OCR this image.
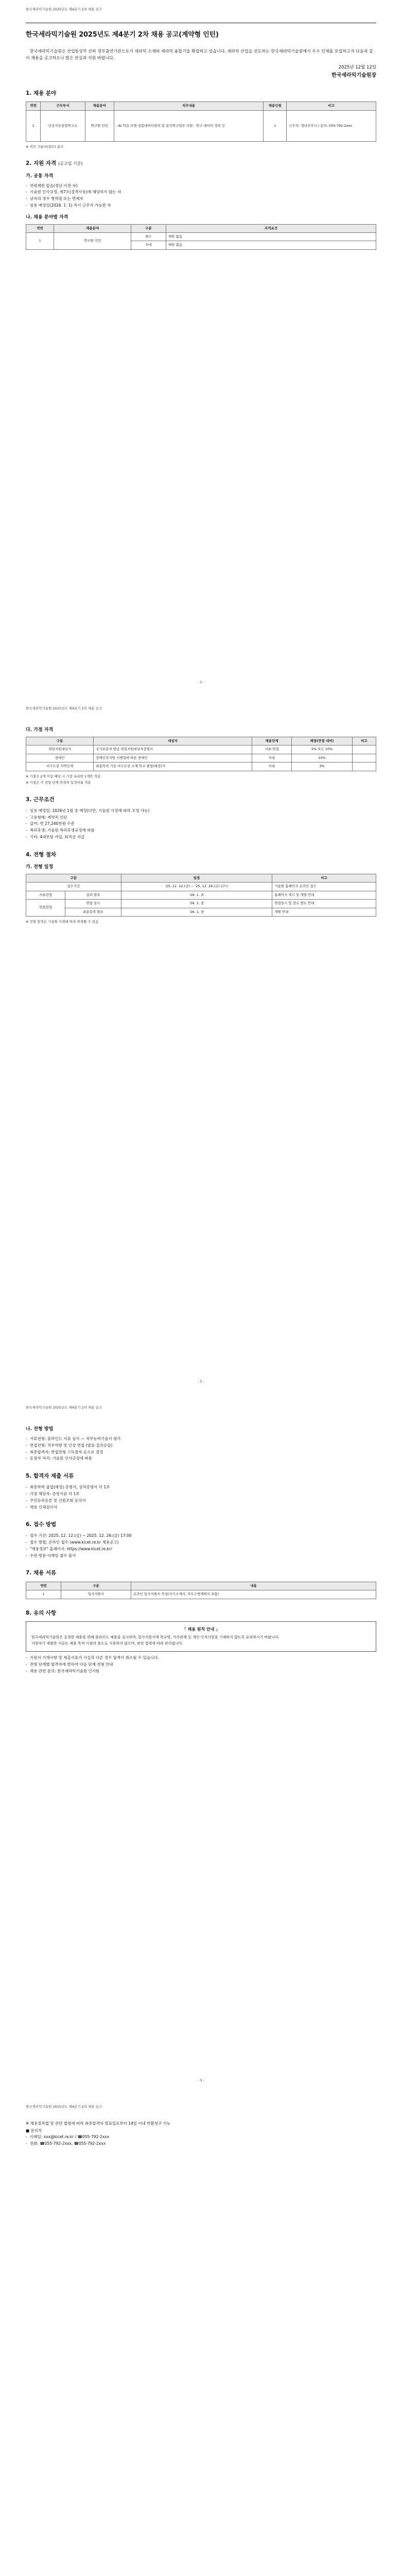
한국세라믹기술원 2025년도 제4분기 2차 채용 공고
한국세라믹기술원 2025년도 제4분기 2차 채용 공고(계약형 인턴)

한국세라믹기술원은 산업통상부 산하 정부출연기관으로서 세라믹 소재와 세라믹 융합기술 확립하고 있습니다. 세라믹 산업을 선도하는 한국세라믹기술원에서 우수 인재를 모집하고자 다음과 같이 채용을 공고하오니 많은 관심과 지원 바랍니다.

2025년 12월 12일
한국세라믹기술원장
1. 채용 분야
연번	근무부서	채용분야	직무내용	채용인원	비고
1	인공지능융합연구소	연구원 인턴	- AI 학습 모델 실험데이터관리 및 분석연구업무 지원 - 연구 데이터 정리 등	1	근무지: 경남진주시 / 문의: 055-792-2xxx

※ 직무 기술서(첨부) 참조

2. 지원 자격 (공고일 기준)
가. 공통 자격
- 연령제한 없음(정년 이전 자)
- 기술원 인사규정, 제7조(결격사유)에 해당하지 않는 자
- 남자의 경우 병역필 또는 면제자
- 임용 예정일(2026. 1. 1) 즉시 근무가 가능한 자
나. 채용 분야별 자격
연번	채용분야	구분	자격요건
1	연구원 인턴	필수	해당 없음
		우대	해당 없음
- 1 -
한국세라믹기술원 2025년도 제4분기 2차 채용 공고
다. 가점 자격
구분	대상자	채용단계	배점(만점 대비)	비고
취업지원대상자	국가보훈처 발급 취업지원대상자증명서	서류·면접	5% 또는 10%	
장애인	장애인복지법 시행령에 따른 장애인	서류	10%	
비수도권 지역인재	최종학력 기준 비수도권 소재 학교 졸업(예정)자	서류	3%	

※ 가점은 2개 이상 해당 시 가장 유리한 1개만 적용

※ 가점은 각 전형 단계 만점의 일정비율 적용

3. 근무조건
- 임용 예정일: 2026년 1월 중 예정(다만, 기술원 사정에 따라 조정 가능)
- 고용형태: 계약직 인턴
- 급여: 연 27,240천원 수준
- 복리후생: 기술원 복리후생규정에 따름
- 기타: 4대보험 가입, 퇴직금 지급
4. 전형 절차
가. 전형 일정
구분		일정	비고
접수기간		'25. 12. 12.(금) ~ '25. 12. 26.(금) 17시	기술원 홈페이지 온라인 접수
서류전형	결과 발표	'26. 1. 초	홈페이지 게시 및 개별 안내
면접전형	면접 실시	'26. 1. 중	면접일시 및 장소 별도 안내
	최종합격 발표	'26. 1. 중	개별 안내

※ 전형 일정은 기술원 사정에 따라 변경될 수 있음

- 2 -
한국세라믹기술원 2025년도 제4분기 2차 채용 공고
나. 전형 방법
- 서류전형: 블라인드 서류 심사 — 직무능력기술서 평가
- 면접전형: 직무역량 및 인성 면접 (발표·질의응답)
- 최종합격자: 면접전형 고득점자 순으로 결정
- 동점자 처리: 기술원 인사규정에 따름
5. 합격자 제출 서류
- 최종학력 졸업(예정) 증명서, 성적증명서 각 1부
- 가점 해당자: 증빙서류 각 1부
- 주민등록등본 및 신원조회 동의서
- 채용 신체검사서
6. 접수 방법
- 접수 기간: 2025. 12. 12.(금) ~ 2025. 12. 26.(금) 17:00
- 접수 방법: 온라인 접수 (www.kicet.re.kr 채용공고)
- "채용정보" 홈페이지: https://www.kicet.re.kr/
- 우편·방문·이메일 접수 불가
7. 채용 서류
연번	구분	내용
1	입사지원서	온라인 입사지원서 작성(자기소개서, 직무수행계획서 포함)
8. 유의 사항
「 채용 원칙 안내 」

한국세라믹기술원은 공정한 채용을 위해 블라인드 채용을 실시하며, 입사지원서에 학교명, 가족관계 등 개인 인적사항을 기재하지 않도록 유의하시기 바랍니다.

지원자가 제출한 서류는 채용 목적 이외의 용도로 사용하지 않으며, 관련 법령에 따라 관리됩니다.

- 지원서 기재사항 및 제출서류가 사실과 다른 경우 합격이 취소될 수 있습니다.
- 전형 단계별 합격자에 한하여 다음 단계 전형 안내
- 채용 관련 문의: 한국세라믹기술원 인사팀
- 3 -
한국세라믹기술원 2025년도 제4분기 2차 채용 공고

※ 채용절차법 및 관련 법령에 따라 최종합격자 발표일로부터 14일 이내 반환청구 가능

■ 문의처

- 이메일: xxx@kicet.re.kr / ☎055-792-2xxx
- 전화: ☎055-792-2xxx, ☎055-792-2xxx
